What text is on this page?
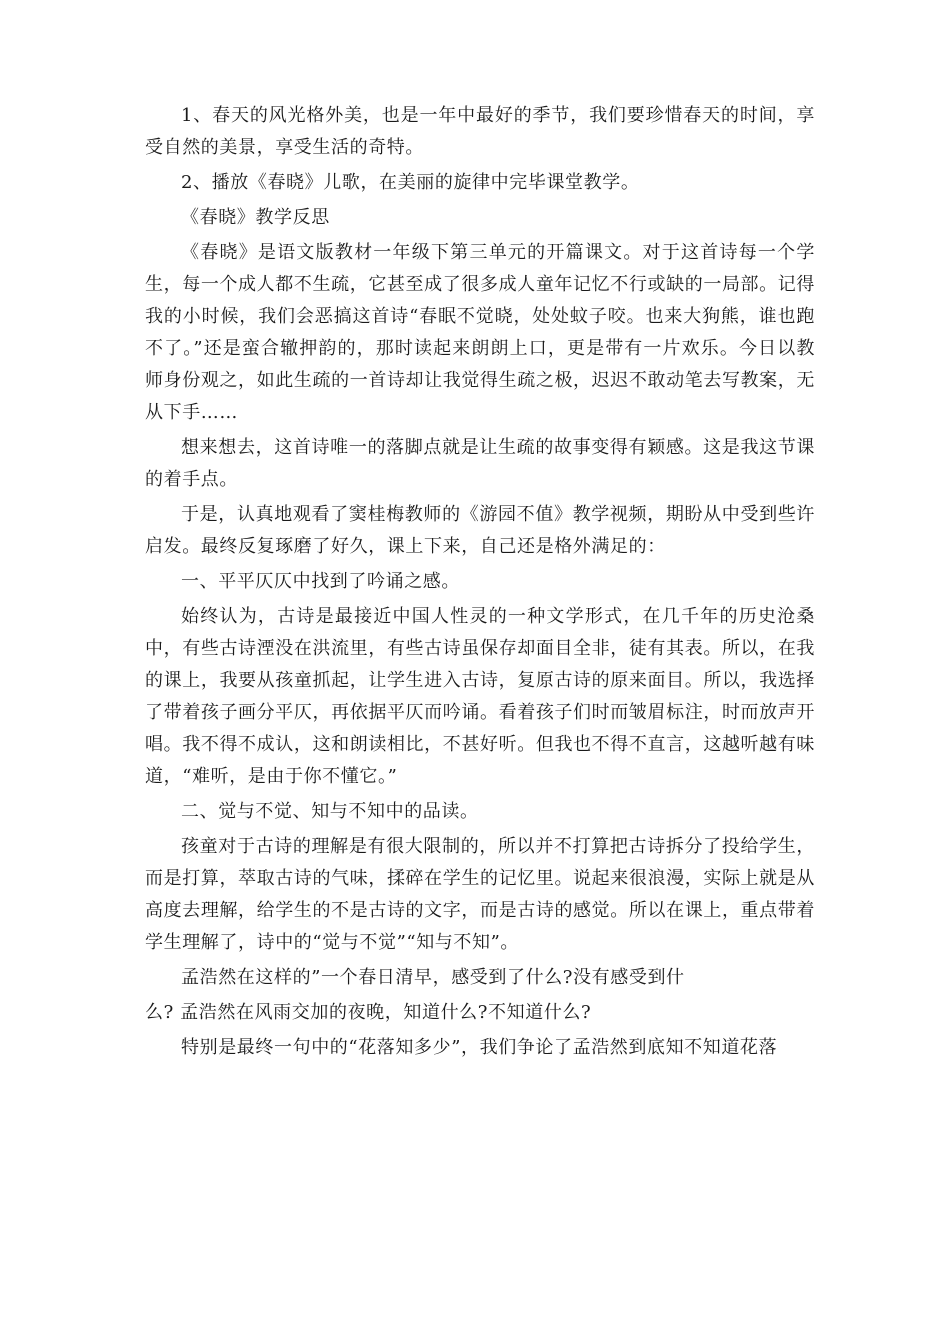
1、春天的风光格外美，也是一年中最好的季节，我们要珍惜春天的时间，享受自然的美景，享受生活的奇特。

2、播放《春晓》儿歌，在美丽的旋律中完毕课堂教学。

《春晓》教学反思

《春晓》是语文版教材一年级下第三单元的开篇课文。对于这首诗每一个学生，每一个成人都不生疏，它甚至成了很多成人童年记忆不行或缺的一局部。记得我的小时候，我们会恶搞这首诗“春眠不觉晓，处处蚊子咬。也来大狗熊，谁也跑不了。”还是蛮合辙押韵的，那时读起来朗朗上口，更是带有一片欢乐。今日以教师身份观之，如此生疏的一首诗却让我觉得生疏之极，迟迟不敢动笔去写教案，无从下手……

想来想去，这首诗唯一的落脚点就是让生疏的故事变得有颖感。这是我这节课的着手点。

于是，认真地观看了窦桂梅教师的《游园不值》教学视频，期盼从中受到些许启发。最终反复琢磨了好久，课上下来，自己还是格外满足的：

一、平平仄仄中找到了吟诵之感。

始终认为，古诗是最接近中国人性灵的一种文学形式，在几千年的历史沧桑中，有些古诗湮没在洪流里，有些古诗虽保存却面目全非，徒有其表。所以，在我的课上，我要从孩童抓起，让学生进入古诗，复原古诗的原来面目。所以，我选择了带着孩子画分平仄，再依据平仄而吟诵。看着孩子们时而皱眉标注，时而放声开唱。我不得不成认，这和朗读相比，不甚好听。但我也不得不直言，这越听越有味道，“难听，是由于你不懂它。”

二、觉与不觉、知与不知中的品读。

孩童对于古诗的理解是有很大限制的，所以并不打算把古诗拆分了投给学生，而是打算，萃取古诗的气味，揉碎在学生的记忆里。说起来很浪漫，实际上就是从高度去理解，给学生的不是古诗的文字，而是古诗的感觉。所以在课上，重点带着学生理解了，诗中的“觉与不觉”“知与不知”。

孟浩然在这样的”一个春日清早，感受到了什么?没有感受到什

么? 孟浩然在风雨交加的夜晚，知道什么?不知道什么?

特别是最终一句中的“花落知多少”，我们争论了孟浩然到底知不知道花落
